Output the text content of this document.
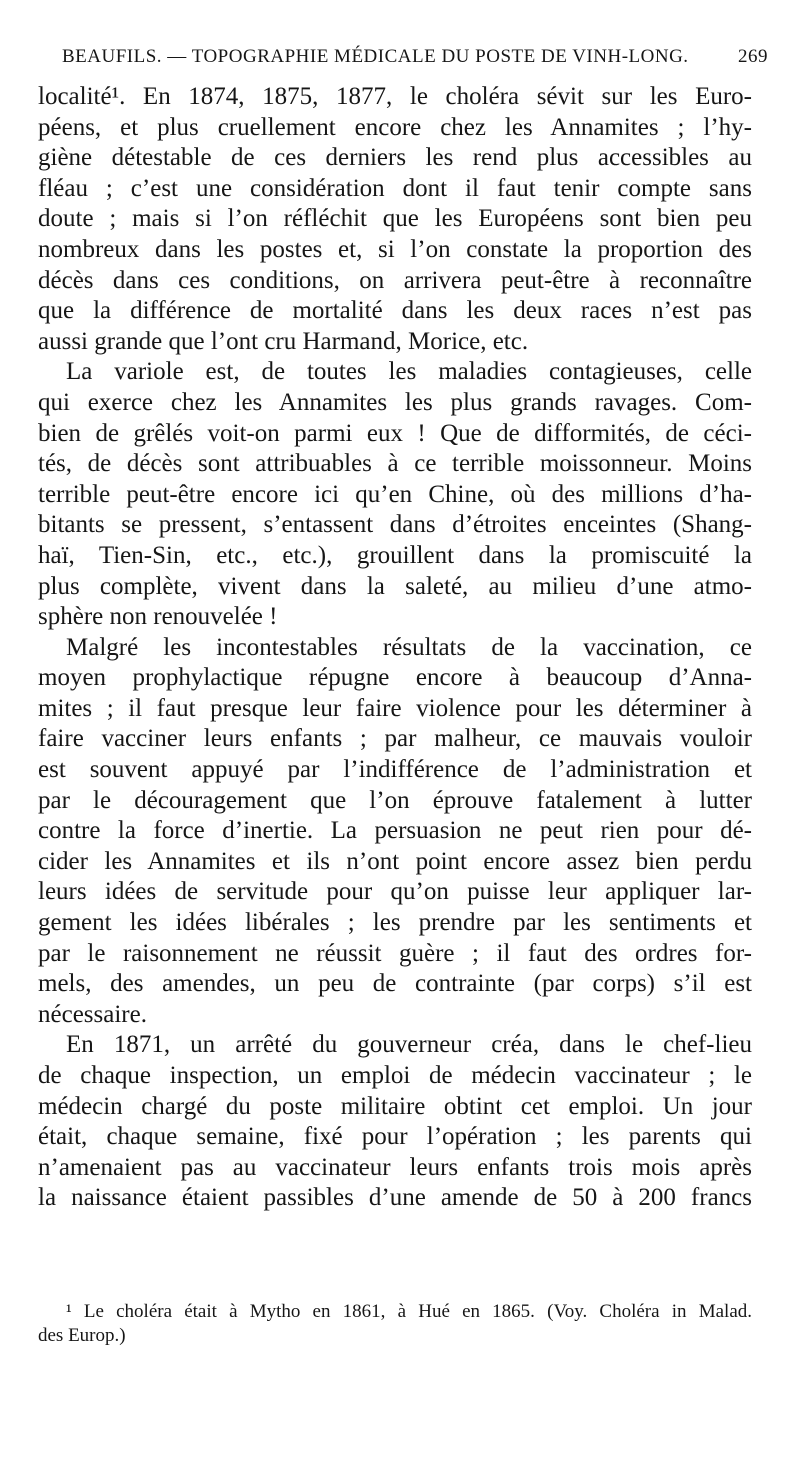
BEAUFILS. — TOPOGRAPHIE MÉDICALE DU POSTE DE VINH-LONG.	269
localité¹. En 1874, 1875, 1877, le choléra sévit sur les Euro-
péens, et plus cruellement encore chez les Annamites ; l’hy-
giène détestable de ces derniers les rend plus accessibles au
fléau ; c’est une considération dont il faut tenir compte sans
doute ; mais si l’on réfléchit que les Européens sont bien peu
nombreux dans les postes et, si l’on constate la proportion des
décès dans ces conditions, on arrivera peut-être à reconnaître
que la différence de mortalité dans les deux races n’est pas
aussi grande que l’ont cru Harmand, Morice, etc.
La variole est, de toutes les maladies contagieuses, celle
qui exerce chez les Annamites les plus grands ravages. Com-
bien de grêlés voit-on parmi eux ! Que de difformités, de céci-
tés, de décès sont attribuables à ce terrible moissonneur. Moins
terrible peut-être encore ici qu’en Chine, où des millions d’ha-
bitants se pressent, s’entassent dans d’étroites enceintes (Shang-
haï, Tien-Sin, etc., etc.), grouillent dans la promiscuité la
plus complète, vivent dans la saleté, au milieu d’une atmo-
sphère non renouvelée !
Malgré les incontestables résultats de la vaccination, ce
moyen prophylactique répugne encore à beaucoup d’Anna-
mites ; il faut presque leur faire violence pour les déterminer à
faire vacciner leurs enfants ; par malheur, ce mauvais vouloir
est souvent appuyé par l’indifférence de l’administration et
par le découragement que l’on éprouve fatalement à lutter
contre la force d’inertie. La persuasion ne peut rien pour dé-
cider les Annamites et ils n’ont point encore assez bien perdu
leurs idées de servitude pour qu’on puisse leur appliquer lar-
gement les idées libérales ; les prendre par les sentiments et
par le raisonnement ne réussit guère ; il faut des ordres for-
mels, des amendes, un peu de contrainte (par corps) s’il est
nécessaire.
En 1871, un arrêté du gouverneur créa, dans le chef-lieu
de chaque inspection, un emploi de médecin vaccinateur ; le
médecin chargé du poste militaire obtint cet emploi. Un jour
était, chaque semaine, fixé pour l’opération ; les parents qui
n’amenaient pas au vaccinateur leurs enfants trois mois après
la naissance étaient passibles d’une amende de 50 à 200 francs
¹ Le choléra était à Mytho en 1861, à Hué en 1865. (Voy. Choléra in Malad.
des Europ.)
